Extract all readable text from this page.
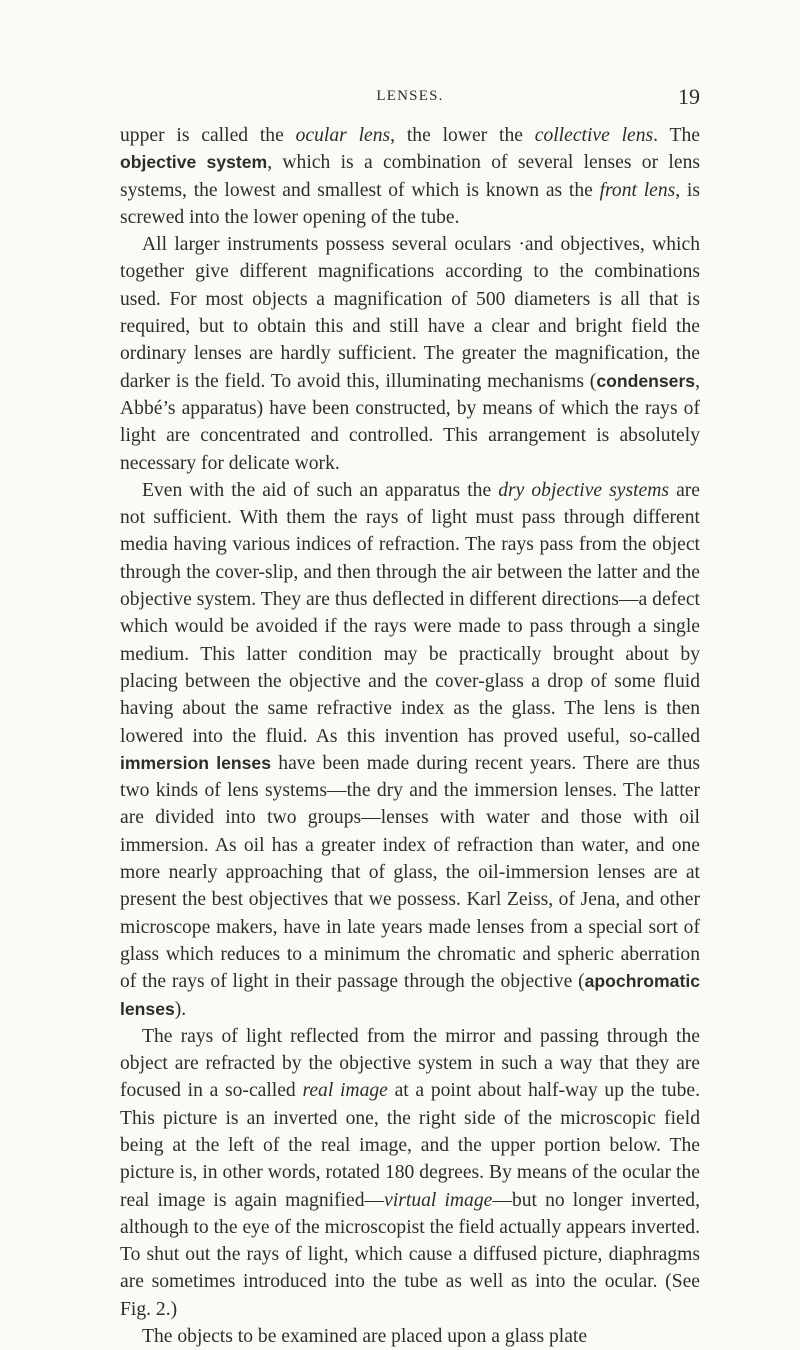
LENSES.	19

upper is called the ocular lens, the lower the collective lens. The objective system, which is a combination of several lenses or lens systems, the lowest and smallest of which is known as the front lens, is screwed into the lower opening of the tube.

All larger instruments possess several oculars ·and objectives, which together give different magnifications according to the combinations used. For most objects a magnification of 500 diameters is all that is required, but to obtain this and still have a clear and bright field the ordinary lenses are hardly sufficient. The greater the magnification, the darker is the field. To avoid this, illuminating mechanisms (condensers, Abbé’s apparatus) have been constructed, by means of which the rays of light are concentrated and controlled. This arrangement is absolutely necessary for delicate work.

Even with the aid of such an apparatus the dry objective systems are not sufficient. With them the rays of light must pass through different media having various indices of refraction. The rays pass from the object through the cover-slip, and then through the air between the latter and the objective system. They are thus deflected in different directions—a defect which would be avoided if the rays were made to pass through a single medium. This latter condition may be practically brought about by placing between the objective and the cover-glass a drop of some fluid having about the same refractive index as the glass. The lens is then lowered into the fluid. As this invention has proved useful, so-called immersion lenses have been made during recent years. There are thus two kinds of lens systems—the dry and the immersion lenses. The latter are divided into two groups—lenses with water and those with oil immersion. As oil has a greater index of refraction than water, and one more nearly approaching that of glass, the oil-immersion lenses are at present the best objectives that we possess. Karl Zeiss, of Jena, and other microscope makers, have in late years made lenses from a special sort of glass which reduces to a minimum the chromatic and spheric aberration of the rays of light in their passage through the objective (apochromatic lenses).

The rays of light reflected from the mirror and passing through the object are refracted by the objective system in such a way that they are focused in a so-called real image at a point about half-way up the tube. This picture is an inverted one, the right side of the microscopic field being at the left of the real image, and the upper portion below. The picture is, in other words, rotated 180 degrees. By means of the ocular the real image is again magnified—virtual image—but no longer inverted, although to the eye of the microscopist the field actually appears inverted. To shut out the rays of light, which cause a diffused picture, diaphragms are sometimes introduced into the tube as well as into the ocular. (See Fig. 2.)

The objects to be examined are placed upon a glass plate
